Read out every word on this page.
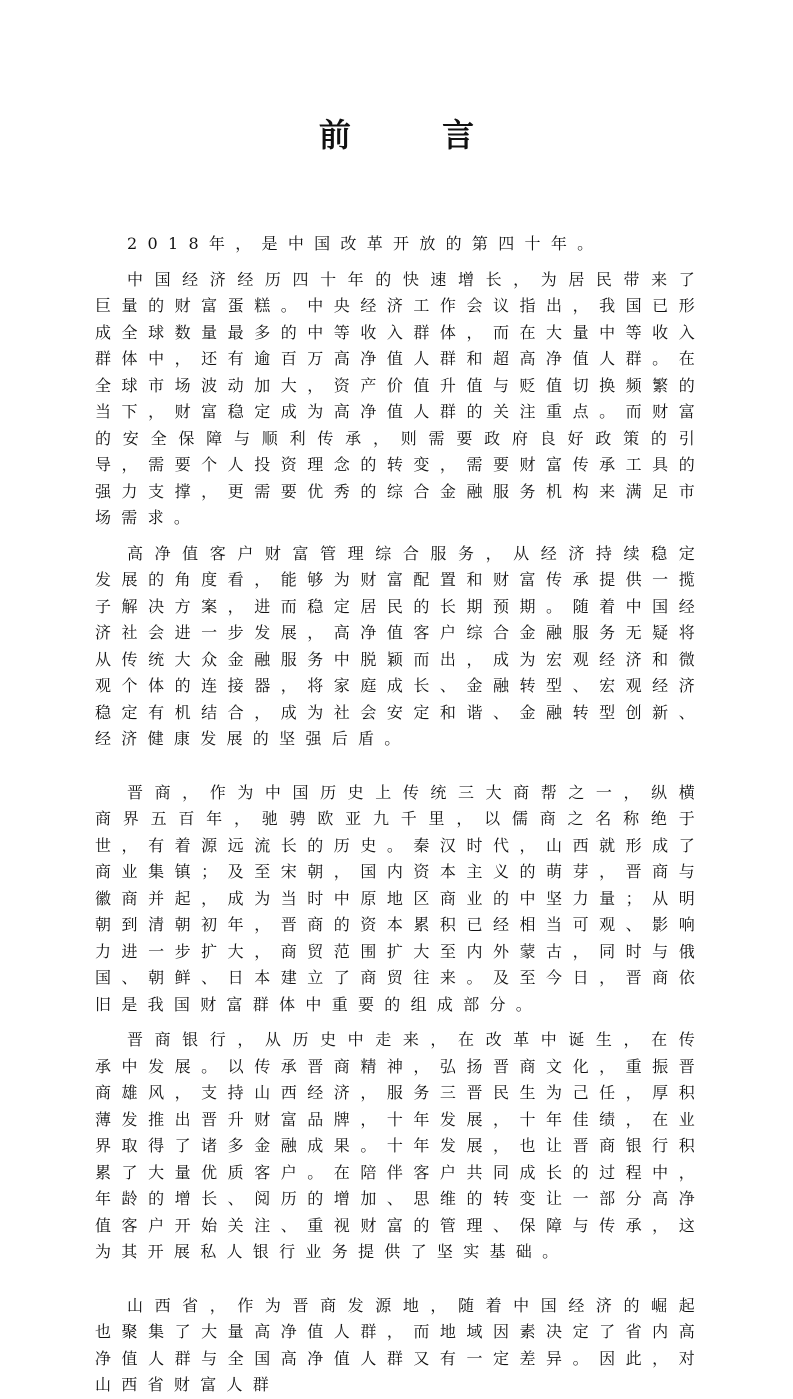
前 言

2018年，是中国改革开放的第四十年。

中国经济经历四十年的快速增长，为居民带来了巨量的财富蛋糕。中央经济工作会议指出，我国已形成全球数量最多的中等收入群体，而在大量中等收入群体中，还有逾百万高净值人群和超高净值人群。在全球市场波动加大，资产价值升值与贬值切换频繁的当下，财富稳定成为高净值人群的关注重点。而财富的安全保障与顺利传承，则需要政府良好政策的引导，需要个人投资理念的转变，需要财富传承工具的强力支撑，更需要优秀的综合金融服务机构来满足市场需求。

高净值客户财富管理综合服务，从经济持续稳定发展的角度看，能够为财富配置和财富传承提供一揽子解决方案，进而稳定居民的长期预期。随着中国经济社会进一步发展，高净值客户综合金融服务无疑将从传统大众金融服务中脱颖而出，成为宏观经济和微观个体的连接器，将家庭成长、金融转型、宏观经济稳定有机结合，成为社会安定和谐、金融转型创新、经济健康发展的坚强后盾。

晋商，作为中国历史上传统三大商帮之一，纵横商界五百年，驰骋欧亚九千里，以儒商之名称绝于世，有着源远流长的历史。秦汉时代，山西就形成了商业集镇；及至宋朝，国内资本主义的萌芽，晋商与徽商并起，成为当时中原地区商业的中坚力量；从明朝到清朝初年，晋商的资本累积已经相当可观、影响力进一步扩大，商贸范围扩大至内外蒙古，同时与俄国、朝鲜、日本建立了商贸往来。及至今日，晋商依旧是我国财富群体中重要的组成部分。

晋商银行，从历史中走来，在改革中诞生，在传承中发展。以传承晋商精神，弘扬晋商文化，重振晋商雄风，支持山西经济，服务三晋民生为己任，厚积薄发推出晋升财富品牌，十年发展，十年佳绩，在业界取得了诸多金融成果。十年发展，也让晋商银行积累了大量优质客户。在陪伴客户共同成长的过程中，年龄的增长、阅历的增加、思维的转变让一部分高净值客户开始关注、重视财富的管理、保障与传承，这为其开展私人银行业务提供了坚实基础。

山西省，作为晋商发源地，随着中国经济的崛起也聚集了大量高净值人群，而地域因素决定了省内高净值人群与全国高净值人群又有一定差异。因此，对山西省财富人群
